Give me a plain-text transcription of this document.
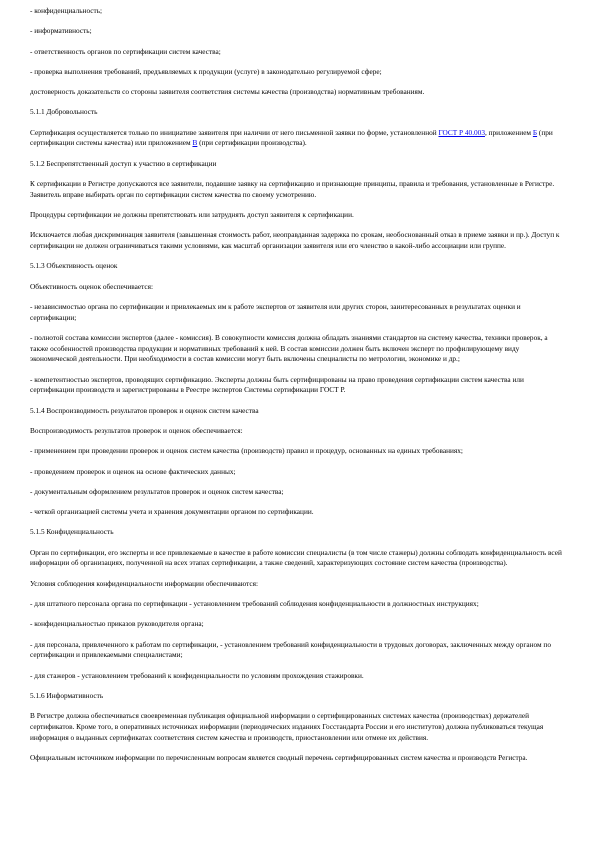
- конфиденциальность;

- информативность;

- ответственность органов по сертификации систем качества;

- проверка выполнения требований, предъявляемых к продукции (услуге) в законодательно регулируемой сфере;

достоверность доказательств со стороны заявителя соответствия системы качества (производства) нормативным требованиям.

5.1.1 Добровольность

Сертификация осуществляется только по инициативе заявителя при наличии от него письменной заявки по форме, установленной ГОСТ Р 40.003, приложением Б (при сертификации системы качества) или приложением В (при сертификации производства).

5.1.2 Беспрепятственный доступ к участию в сертификации

К сертификации в Регистре допускаются все заявители, подавшие заявку на сертификацию и признающие принципы, правила и требования, установленные в Регистре. Заявитель вправе выбирать орган по сертификации систем качества по своему усмотрению.

Процедуры сертификации не должны препятствовать или затруднять доступ заявителя к сертификации.

Исключается любая дискриминация заявителя (завышенная стоимость работ, неоправданная задержка по срокам, необоснованный отказ в приеме заявки и пр.). Доступ к сертификации не должен ограничиваться такими условиями, как масштаб организации заявителя или его членство в какой-либо ассоциации или группе.

5.1.3 Объективность оценок

Объективность оценок обеспечивается:

- независимостью органа по сертификации и привлекаемых им к работе экспертов от заявителя или других сторон, заинтересованных в результатах оценки и сертификации;

- полнотой состава комиссии экспертов (далее - комиссия). В совокупности комиссия должна обладать знаниями стандартов на систему качества, техники проверок, а также особенностей производства продукции и нормативных требований к ней. В состав комиссии должен быть включен эксперт по профилирующему виду экономической деятельности. При необходимости в состав комиссии могут быть включены специалисты по метрологии, экономике и др.;

- компетентностью экспертов, проводящих сертификацию. Эксперты должны быть сертифицированы на право проведения сертификации систем качества или сертификации производств и зарегистрированы в Реестре экспертов Системы сертификации ГОСТ Р.

5.1.4 Воспроизводимость результатов проверок и оценок систем качества

Воспроизводимость результатов проверок и оценок обеспечивается:

- применением при проведении проверок и оценок систем качества (производств) правил и процедур, основанных на единых требованиях;

- проведением проверок и оценок на основе фактических данных;

- документальным оформлением результатов проверок и оценок систем качества;

- четкой организацией системы учета и хранения документации органом по сертификации.

5.1.5 Конфиденциальность

Орган по сертификации, его эксперты и все привлекаемые в качестве в работе комиссии специалисты (в том числе стажеры) должны соблюдать конфиденциальность всей информации об организациях, полученной на всех этапах сертификации, а также сведений, характеризующих состояние систем качества (производства).

Условия соблюдения конфиденциальности информации обеспечиваются:

- для штатного персонала органа по сертификации - установлением требований соблюдения конфиденциальности в должностных инструкциях;

- конфиденциальностью приказов руководителя органа;

- для персонала, привлеченного к работам по сертификации, - установлением требований конфиденциальности в трудовых договорах, заключенных между органом по сертификации и привлекаемыми специалистами;

- для стажеров - установлением требований к конфиденциальности по условиям прохождения стажировки.

5.1.6 Информативность

В Регистре должна обеспечиваться своевременная публикация официальной информации о сертифицированных системах качества (производствах) держателей сертификатов. Кроме того, в оперативных источниках информации (периодических изданиях Госстандарта России и его институтов) должна публиковаться текущая информация о выданных сертификатах соответствия систем качества и производств, приостановлении или отмене их действия.

Официальным источником информации по перечисленным вопросам является сводный перечень сертифицированных систем качества и производств Регистра.
